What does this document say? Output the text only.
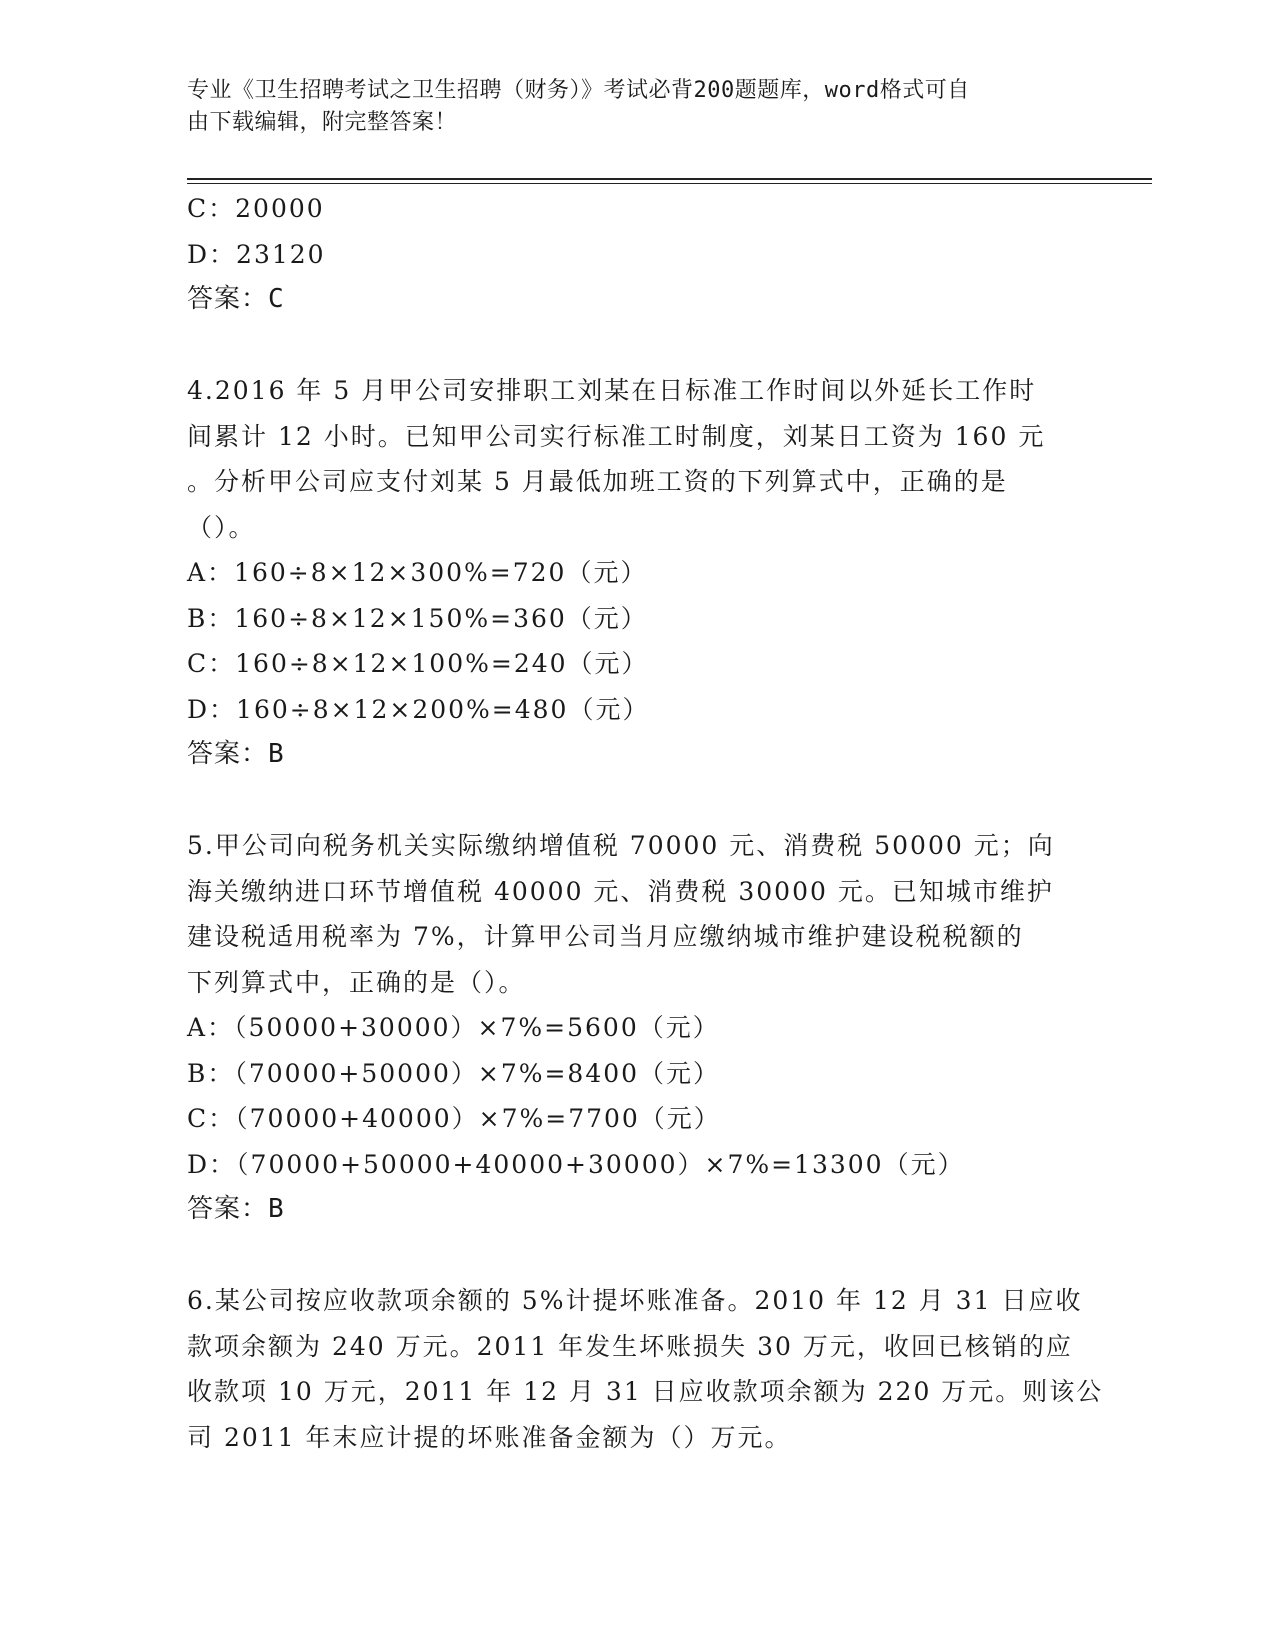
专业《卫生招聘考试之卫生招聘（财务）》考试必背200题题库，word格式可自
由下载编辑，附完整答案！
C：20000
D：23120
答案：C
4.2016 年 5 月甲公司安排职工刘某在日标准工作时间以外延长工作时
间累计 12 小时。已知甲公司实行标准工时制度，刘某日工资为 160 元
。分析甲公司应支付刘某 5 月最低加班工资的下列算式中，正确的是
（）。
A：160÷8×12×300%=720（元）
B：160÷8×12×150%=360（元）
C：160÷8×12×100%=240（元）
D：160÷8×12×200%=480（元）
答案：B
5.甲公司向税务机关实际缴纳增值税 70000 元、消费税 50000 元；向
海关缴纳进口环节增值税 40000 元、消费税 30000 元。已知城市维护
建设税适用税率为 7%，计算甲公司当月应缴纳城市维护建设税税额的
下列算式中，正确的是（）。
A：（50000+30000）×7%=5600（元）
B：（70000+50000）×7%=8400（元）
C：（70000+40000）×7%=7700（元）
D：（70000+50000+40000+30000）×7%=13300（元）
答案：B
6.某公司按应收款项余额的 5%计提坏账准备。2010 年 12 月 31 日应收
款项余额为 240 万元。2011 年发生坏账损失 30 万元，收回已核销的应
收款项 10 万元，2011 年 12 月 31 日应收款项余额为 220 万元。则该公
司 2011 年末应计提的坏账准备金额为（）万元。
